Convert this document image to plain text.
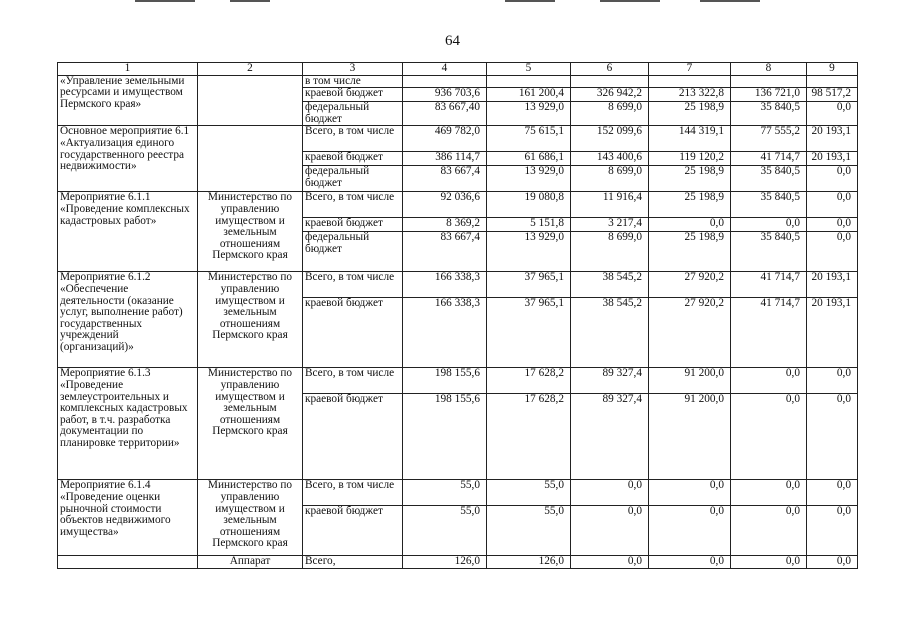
64
1	2	3	4	5	6	7	8	9
«Управление земельными ресурсами и имуществом Пермского края»		в том числе						
		краевой бюджет	936 703,6	161 200,4	326 942,2	213 322,8	136 721,0	98 517,2
		федеральный бюджет	83 667,40	13 929,0	8 699,0	25 198,9	35 840,5	0,0
Основное мероприятие 6.1 «Актуализация единого государственного реестра недвижимости»		Всего, в том числе	469 782,0	75 615,1	152 099,6	144 319,1	77 555,2	20 193,1
		краевой бюджет	386 114,7	61 686,1	143 400,6	119 120,2	41 714,7	20 193,1
		федеральный бюджет	83 667,4	13 929,0	8 699,0	25 198,9	35 840,5	0,0
Мероприятие 6.1.1 «Проведение комплексных кадастровых работ»	Министерство по управлению имуществом и земельным отношениям Пермского края	Всего, в том числе	92 036,6	19 080,8	11 916,4	25 198,9	35 840,5	0,0
		краевой бюджет	8 369,2	5 151,8	3 217,4	0,0	0,0	0,0
		федеральный бюджет	83 667,4	13 929,0	8 699,0	25 198,9	35 840,5	0,0
Мероприятие 6.1.2 «Обеспечение деятельности (оказание услуг, выполнение работ) государственных учреждений (организаций)»	Министерство по управлению имуществом и земельным отношениям Пермского края	Всего, в том числе	166 338,3	37 965,1	38 545,2	27 920,2	41 714,7	20 193,1
		краевой бюджет	166 338,3	37 965,1	38 545,2	27 920,2	41 714,7	20 193,1
Мероприятие 6.1.3 «Проведение землеустроительных и комплексных кадастровых работ, в т.ч. разработка документации по планировке территории»	Министерство по управлению имуществом и земельным отношениям Пермского края	Всего, в том числе	198 155,6	17 628,2	89 327,4	91 200,0	0,0	0,0
		краевой бюджет	198 155,6	17 628,2	89 327,4	91 200,0	0,0	0,0
Мероприятие 6.1.4 «Проведение оценки рыночной стоимости объектов недвижимого имущества»	Министерство по управлению имуществом и земельным отношениям Пермского края	Всего, в том числе	55,0	55,0	0,0	0,0	0,0	0,0
		краевой бюджет	55,0	55,0	0,0	0,0	0,0	0,0
	Аппарат	Всего,	126,0	126,0	0,0	0,0	0,0	0,0
